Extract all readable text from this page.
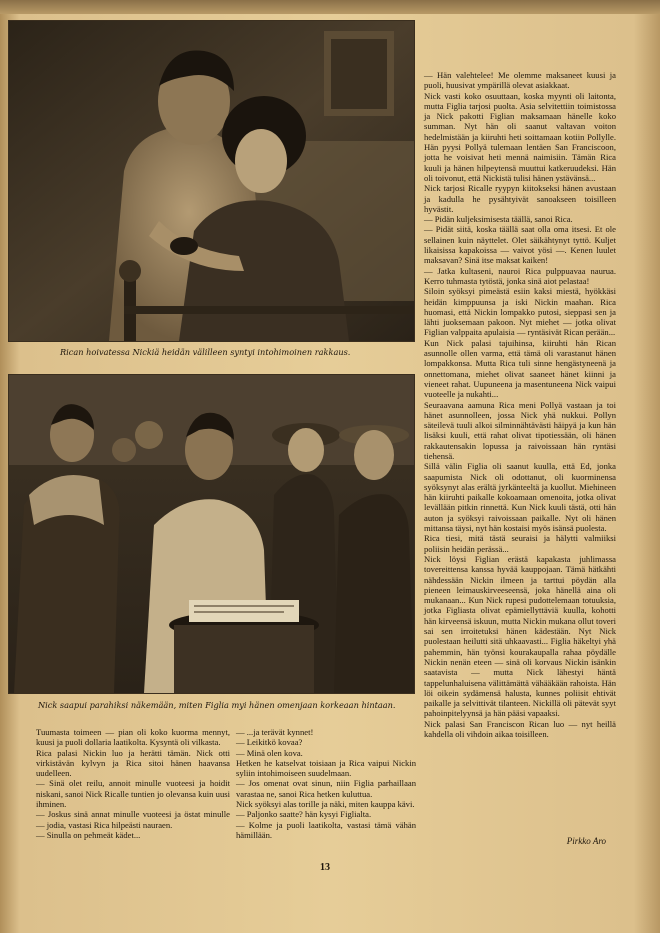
Rican hoivatessa Nickiä heidän välilleen syntyi intohimoinen rakkaus.

Nick saapui parahiksi näkemään, miten Figlia myi hänen omenjaan korkeaan hintaan.

— Hän valehtelee! Me olemme maksaneet kuusi ja puoli, huusivat ympärillä olevat asiakkaat.
Nick vasti koko osuuttaan, koska myynti oli laitonta, mutta Figlia tarjosi puolta. Asia selvitettiin toimistossa ja Nick pakotti Figlian maksamaan hänelle koko summan. Nyt hän oli saanut valtavan voiton hedelmistään ja kiiruhti heti soittamaan kotiin Pollylle. Hän pyysi Pollyä tulemaan lentäen San Franciscoon, jotta he voisivat heti mennä naimisiin. Tämän Rica kuuli ja hänen hilpeytensä muuttui katkeruudeksi. Hän oli toivonut, että Nickistä tulisi hänen ystävänsä...
Nick tarjosi Ricalle ryypyn kiitokseksi hänen avustaan ja kadulla he pysähtyivät sanoakseen toisilleen hyvästit.
— Pidän kuljeksimisesta täällä, sanoi Rica.
— Pidät siitä, koska täällä saat olla oma itsesi. Et ole sellainen kuin näyttelet. Olet säikähtynyt tyttö. Kuljet likaisissa kapakoissa — vaivot yösi —. Kenen luulet maksavan? Sinä itse maksat kaiken!
— Jatka kultaseni, nauroi Rica pulppuavaa naurua. Kerro tuhmasta tytöstä, jonka sinä aiot pelastaa!
Siloin syöksyi pimeästä esiin kaksi miestä, hyökkäsi heidän kimppuunsa ja iski Nickin maahan. Rica huomasi, että Nickin lompakko putosi, sieppasi sen ja lähti juoksemaan pakoon. Nyt miehet — jotka olivat Figlian valppaita apulaisia — ryntäsivät Rican perään...
Kun Nick palasi tajuihinsa, kiiruhti hän Rican asunnolle ollen varma, että tämä oli varastanut hänen lompakkonsa. Mutta Rica tuli sinne hengästyneenä ja onnettomana, miehet olivat saaneet hänet kiinni ja vieneet rahat. Uupuneena ja masentuneena Nick vaipui vuoteelle ja nukahti...
Seuraavana aamuna Rica meni Pollyä vastaan ja toi hänet asunnolleen, jossa Nick yhä nukkui. Pollyn säteilevä tuuli alkoi silminnähtävästi häipyä ja kun hän lisäksi kuuli, että rahat olivat tipotiessään, oli hänen rakkautensakin lopussa ja raivoissaan hän ryntäsi tiehensä.
Sillä välin Figlia oli saanut kuulla, että Ed, jonka saapumista Nick oli odottanut, oli kuorminensa syöksynyt alas erältä jyrkänteeltä ja kuollut. Miehineen hän kiiruhti paikalle kokoamaan omenoita, jotka olivat levällään pitkin rinnettä. Kun Nick kuuli tästä, otti hän auton ja syöksyi raivoissaan paikalle. Nyt oli hänen mittansa täysi, nyt hän kostaisi myös isänsä puolesta.
Rica tiesi, mitä tästä seuraisi ja hälytti valmiiksi poliisin heidän perässä...
Nick löysi Figlian erästä kapakasta juhlimassa tovereittensa kanssa hyvää kauppojaan. Tämä hätkähti nähdessään Nickin ilmeen ja tarttui pöydän alla pieneen leimauskirveeseensä, joka hänellä aina oli mukanaan... Kun Nick rupesi pudottelemaan totuuksia, jotka Figliasta olivat epämiellyttäviä kuulla, kohotti hän kirveensä iskuun, mutta Nickin mukana ollut toveri sai sen irroitetuksi hänen kädestään. Nyt Nick puolestaan heilutti sitä uhkaavasti... Figlia häkeltyi yhä pahemmin, hän työnsi kourakaupalla rahaa pöydälle Nickin nenän eteen — sinä oli korvaus Nickin isänkin saatavista — mutta Nick lähestyi häntä tappelunhaluisena välittämättä vähääkään rahoista. Hän löi oikein sydämensä halusta, kunnes poliisit ehtivät paikalle ja selvittivät tilanteen. Nickillä oli pätevät syyt pahoinpitelyynsä ja hän pääsi vapaaksi.
Nick palasi San Franciscon Rican luo — nyt heillä kahdella oli vihdoin aikaa toisilleen.

Tuumasta toimeen — pian oli koko kuorma mennyt, kuusi ja puoli dollaria laatikolta. Kysyntä oli vilkasta.
Rica palasi Nickin luo ja herätti tämän. Nick otti virkistävän kylvyn ja Rica sitoi hänen haavansa uudelleen.
— Sinä olet reilu, annoit minulle vuoteesi ja hoidit niskani, sanoi Nick Ricalle tuntien jo olevansa kuin uusi ihminen.
— Joskus sinä annat minulle vuoteesi ja östat minulle — jodia, vastasi Rica hilpeästi nauraen.
— Sinulla on pehmeät kädet...

— ...ja terävät kynnet!
— Leikitkö kovaa?
— Minä olen kova.
Hetken he katselvat toisiaan ja Rica vaipui Nickin syliin intohimoiseen suudelmaan.
— Jos omenat ovat sinun, niin Figlia parhaillaan varastaa ne, sanoi Rica hetken kuluttua.
Nick syöksyi alas torille ja näki, miten kauppa kävi.
— Paljonko saatte? hän kysyi Figlialta.
— Kolme ja puoli laatikolta, vastasi tämä vähän hämillään.

Pirkko Aro
13
